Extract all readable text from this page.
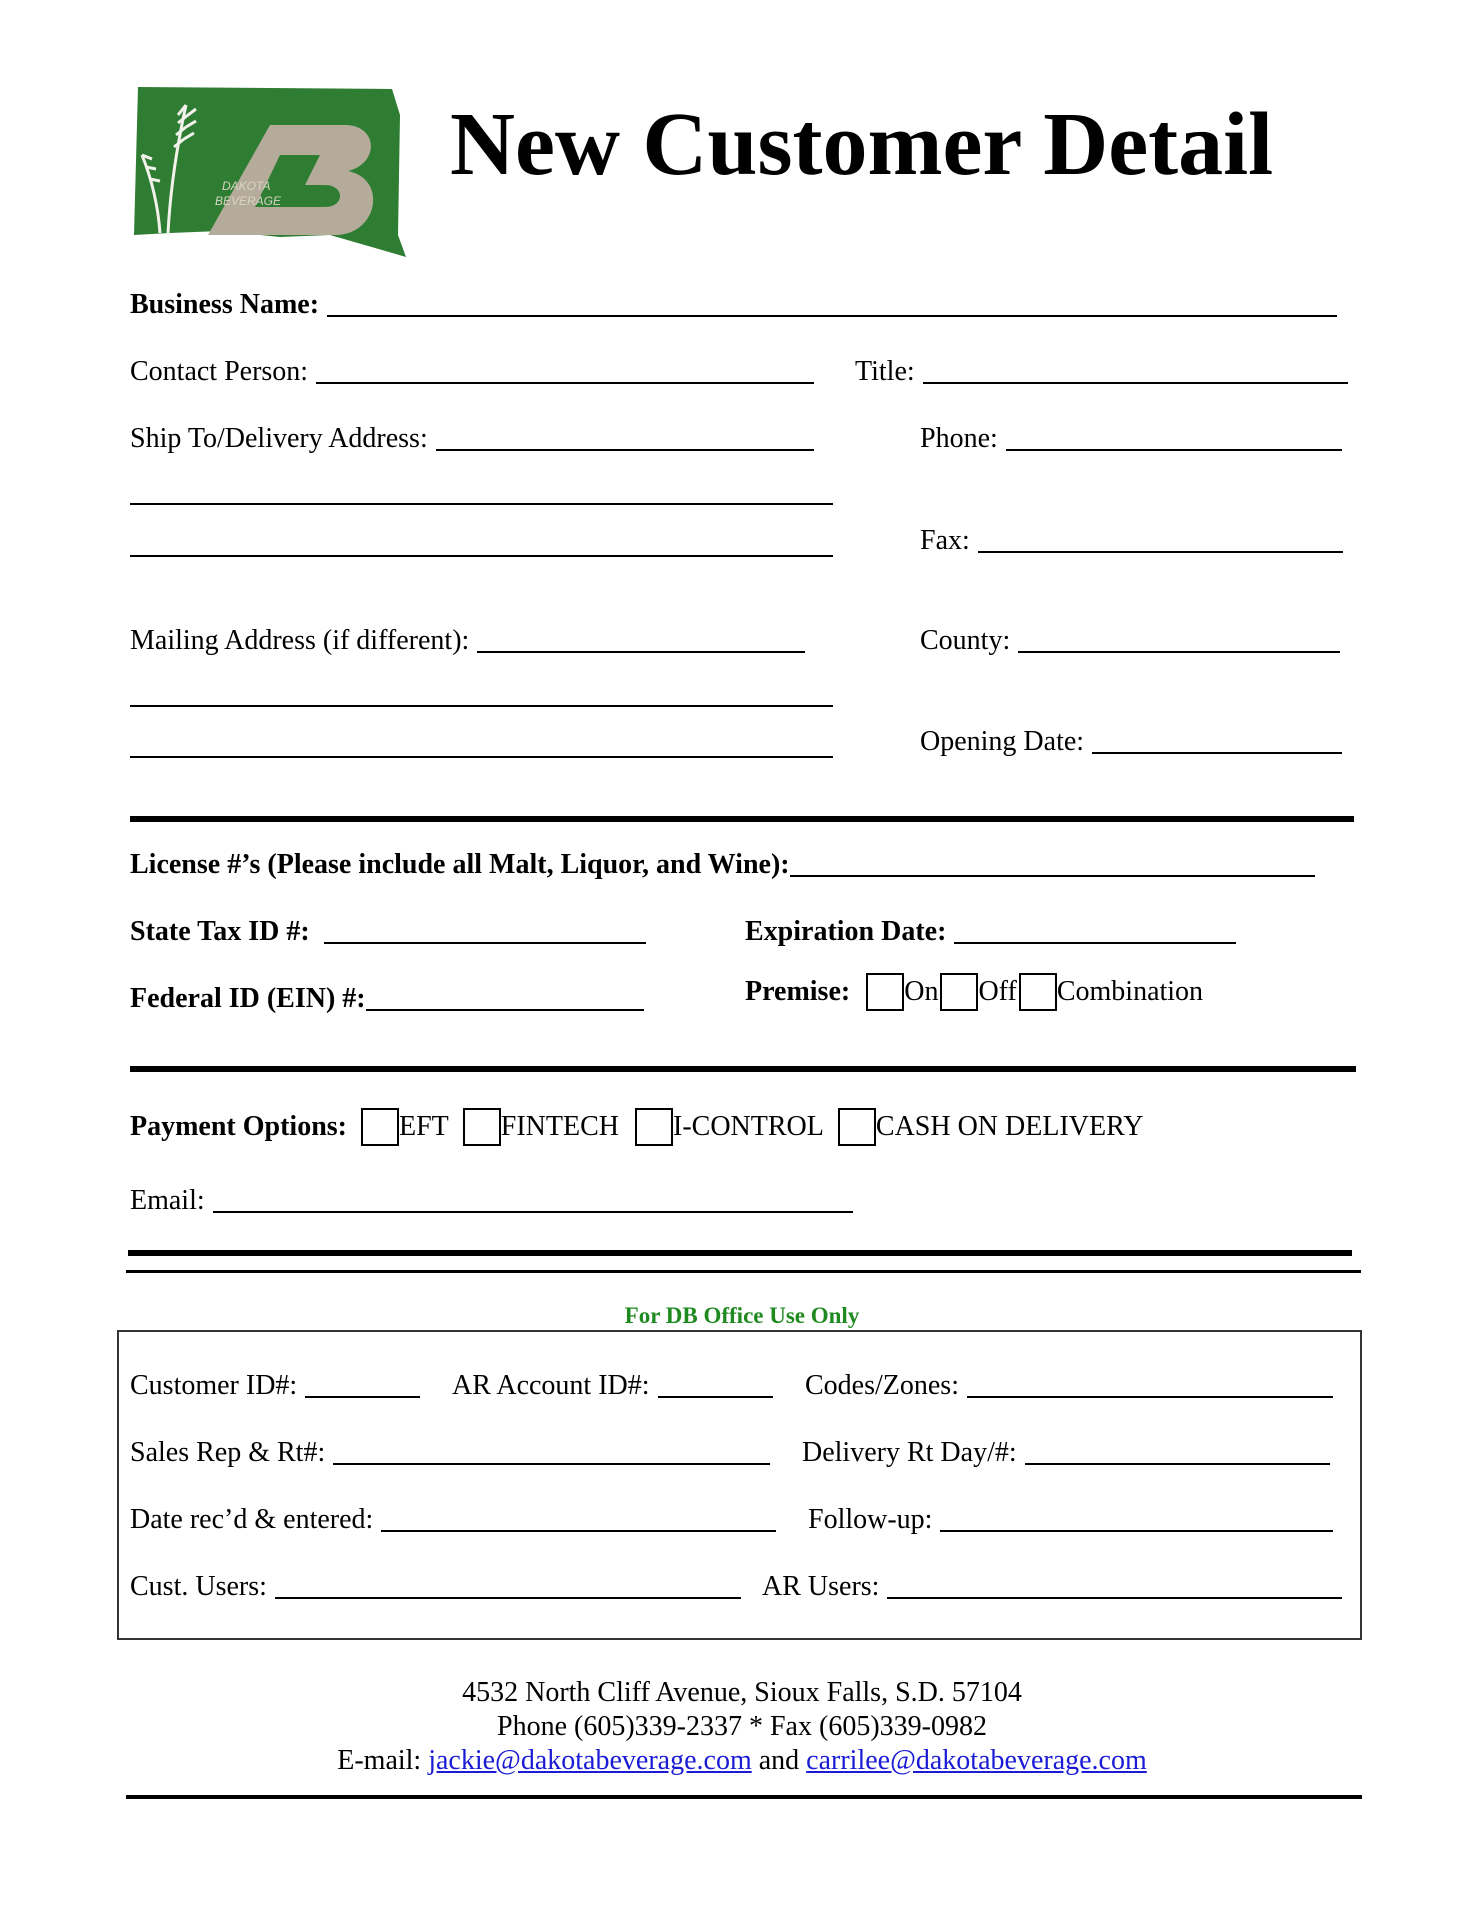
DAKOTA
BEVERAGE
New Customer Detail
Business Name:
Contact Person:	Title:
Ship To/Delivery Address:	Phone:
Fax:
Mailing Address (if different):	County:
Opening Date:
License #’s (Please include all Malt, Liquor, and Wine):
State Tax ID #:	Expiration Date:
Federal ID (EIN) #:	Premise: On Off Combination
Payment Options: EFT FINTECH I-CONTROL CASH ON DELIVERY
Email:
For DB Office Use Only
Customer ID#:	AR Account ID#:	Codes/Zones:
Sales Rep & Rt#:	Delivery Rt Day/#:
Date rec’d & entered:	Follow-up:
Cust. Users:	AR Users:
4532 North Cliff Avenue, Sioux Falls, S.D. 57104
Phone (605)339-2337 * Fax (605)339-0982
E-mail: jackie@dakotabeverage.com and carrilee@dakotabeverage.com
